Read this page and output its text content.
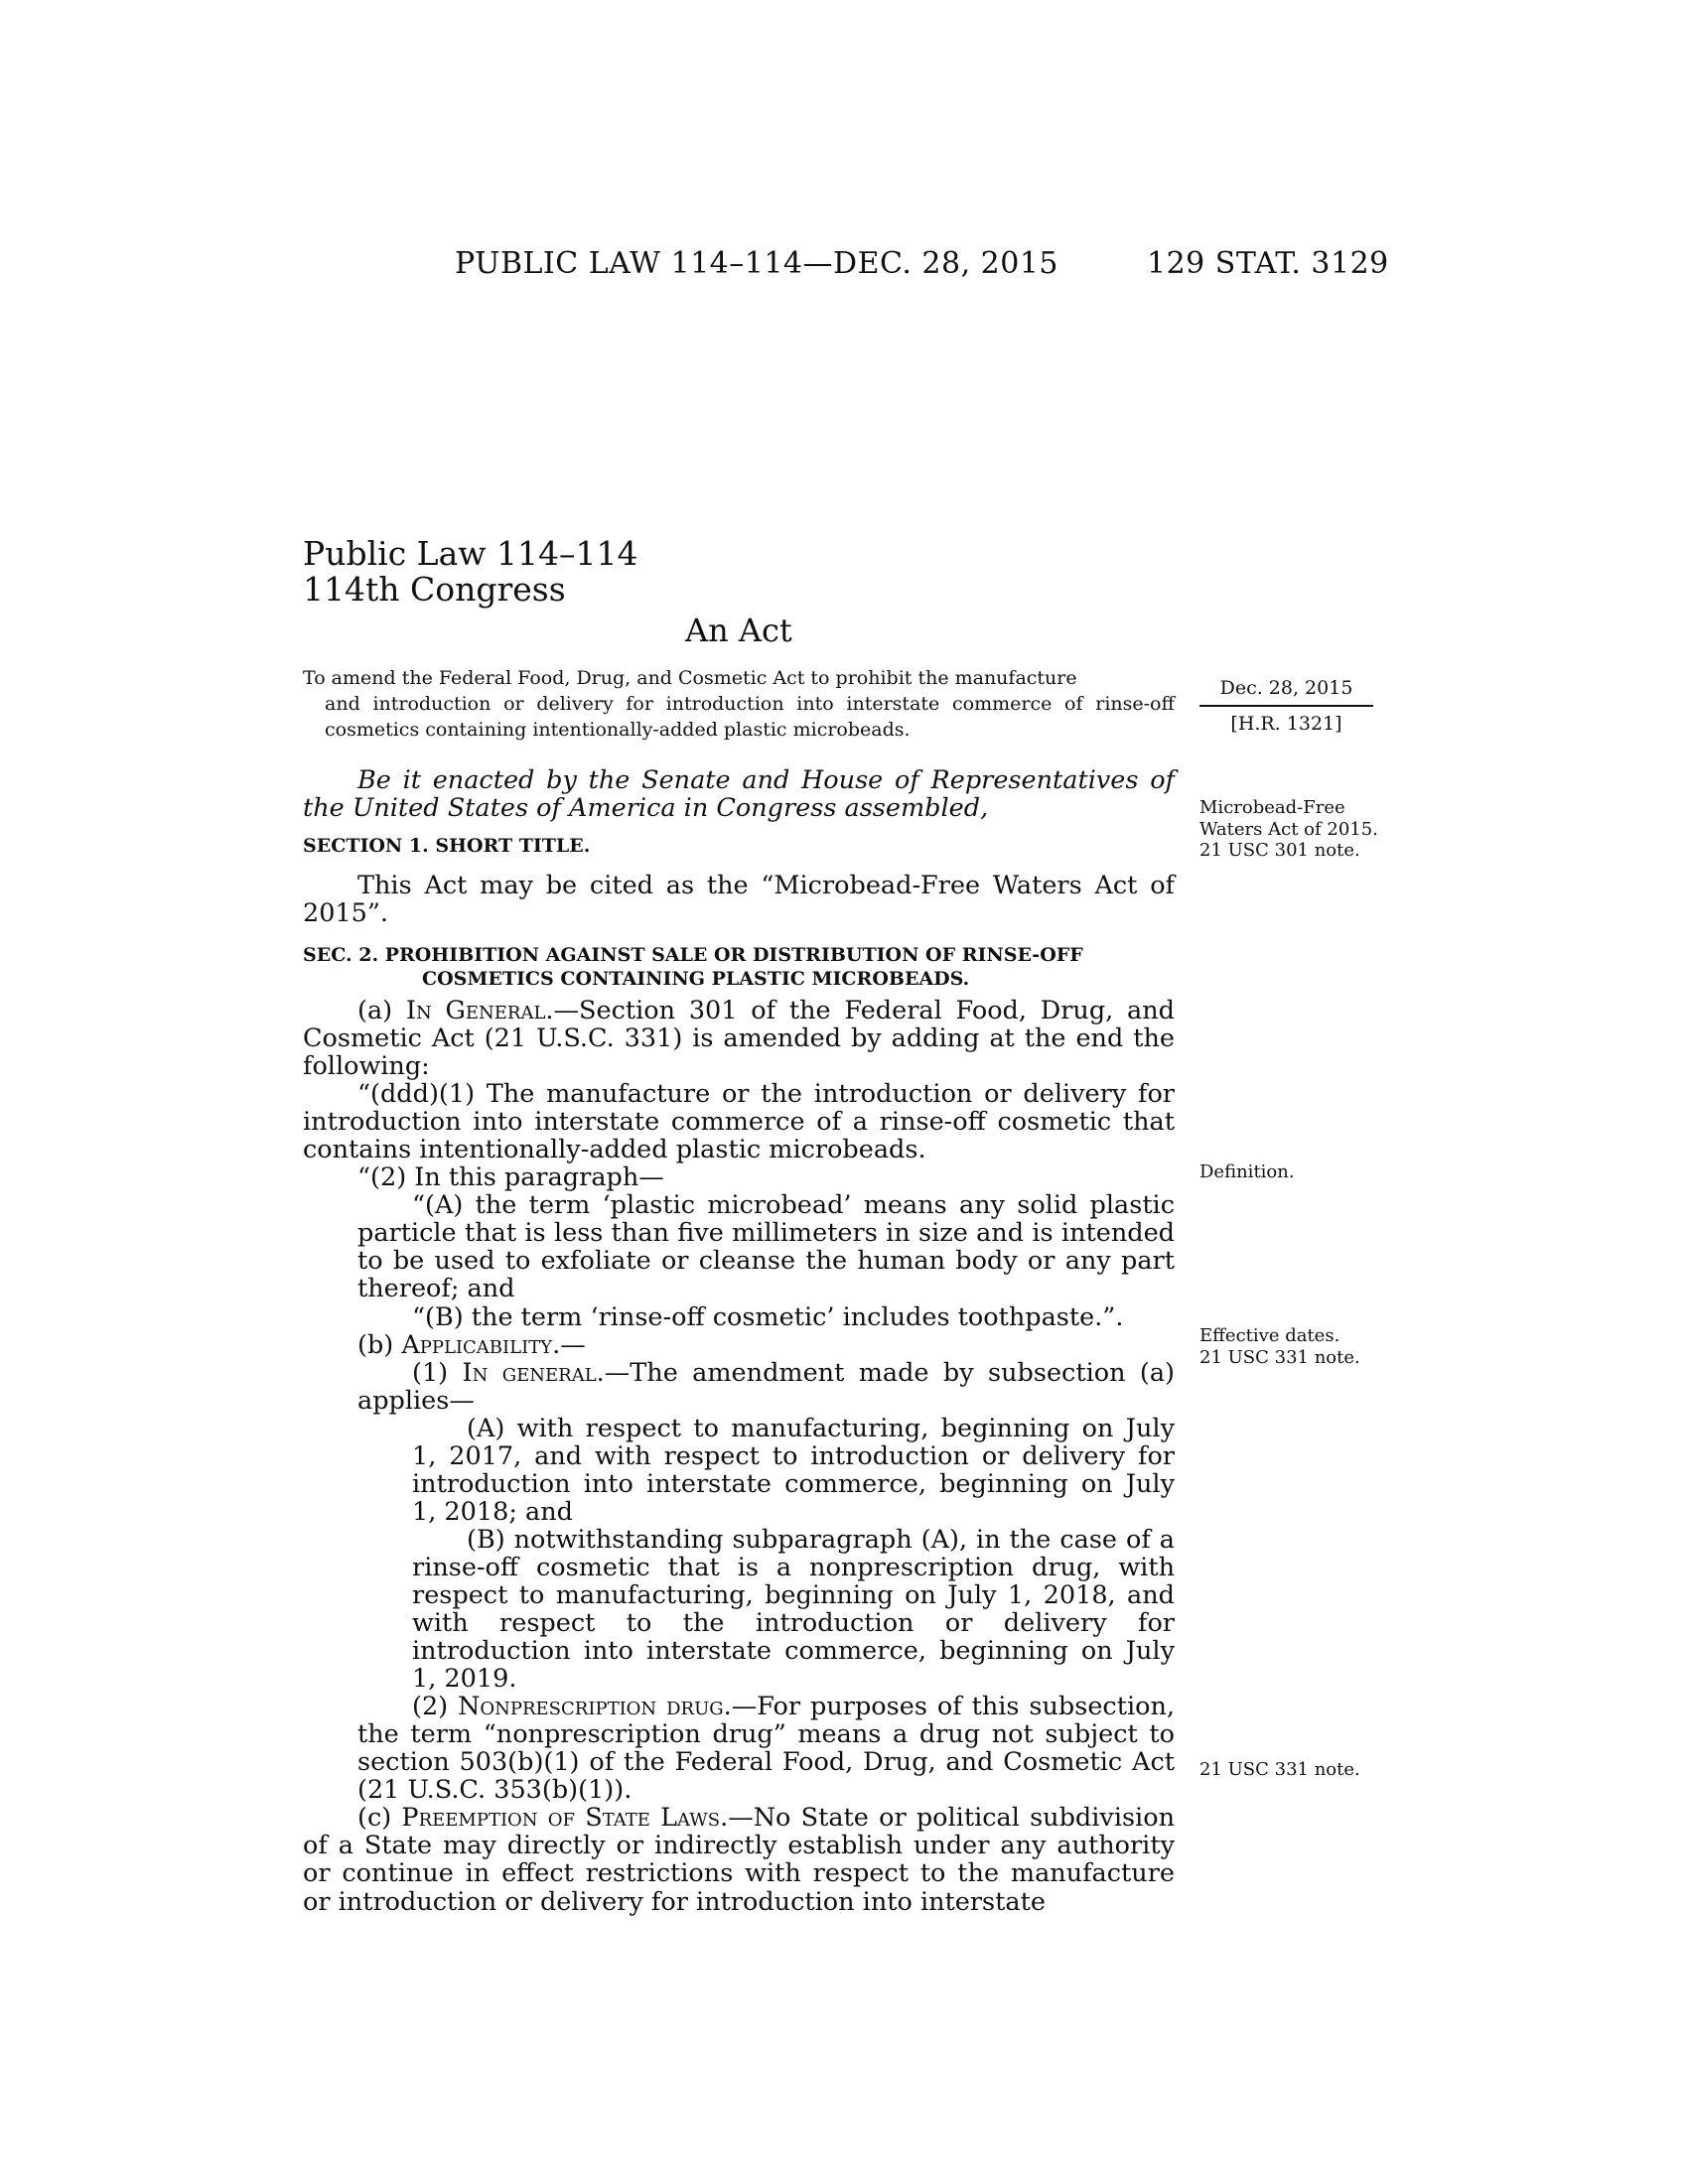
PUBLIC LAW 114–114—DEC. 28, 2015	129 STAT. 3129
Public Law 114–114
114th Congress
An Act
To amend the Federal Food, Drug, and Cosmetic Act to prohibit the manufacture
and introduction or delivery for introduction into interstate commerce of rinse-off cosmetics containing intentionally-added plastic microbeads.
Dec. 28, 2015
[H.R. 1321]
Be it enacted by the Senate and House of Representatives of the United States of America in Congress assembled,
SECTION 1. SHORT TITLE.
This Act may be cited as the “Microbead-Free Waters Act of 2015”.
Microbead-Free Waters Act of 2015.
21 USC 301 note.
SEC. 2. PROHIBITION AGAINST SALE OR DISTRIBUTION OF RINSE-OFF COSMETICS CONTAINING PLASTIC MICROBEADS.

(a) In General.—Section 301 of the Federal Food, Drug, and Cosmetic Act (21 U.S.C. 331) is amended by adding at the end the following:

“(ddd)(1) The manufacture or the introduction or delivery for introduction into interstate commerce of a rinse-off cosmetic that contains intentionally-added plastic microbeads.

“(2) In this paragraph—

“(A) the term ‘plastic microbead’ means any solid plastic particle that is less than five millimeters in size and is intended to be used to exfoliate or cleanse the human body or any part thereof; and

“(B) the term ‘rinse-off cosmetic’ includes toothpaste.”.

(b) Applicability.—

(1) In general.—The amendment made by subsection (a) applies—

(A) with respect to manufacturing, beginning on July 1, 2017, and with respect to introduction or delivery for introduction into interstate commerce, beginning on July 1, 2018; and

(B) notwithstanding subparagraph (A), in the case of a rinse-off cosmetic that is a nonprescription drug, with respect to manufacturing, beginning on July 1, 2018, and with respect to the introduction or delivery for introduction into interstate commerce, beginning on July 1, 2019.

(2) Nonprescription drug.—For purposes of this subsection, the term “nonprescription drug” means a drug not subject to section 503(b)(1) of the Federal Food, Drug, and Cosmetic Act (21 U.S.C. 353(b)(1)).

(c) Preemption of State Laws.—No State or political subdivision of a State may directly or indirectly establish under any authority or continue in effect restrictions with respect to the manufacture or introduction or delivery for introduction into interstate

Definition.
Effective dates.
21 USC 331 note.
21 USC 331 note.
